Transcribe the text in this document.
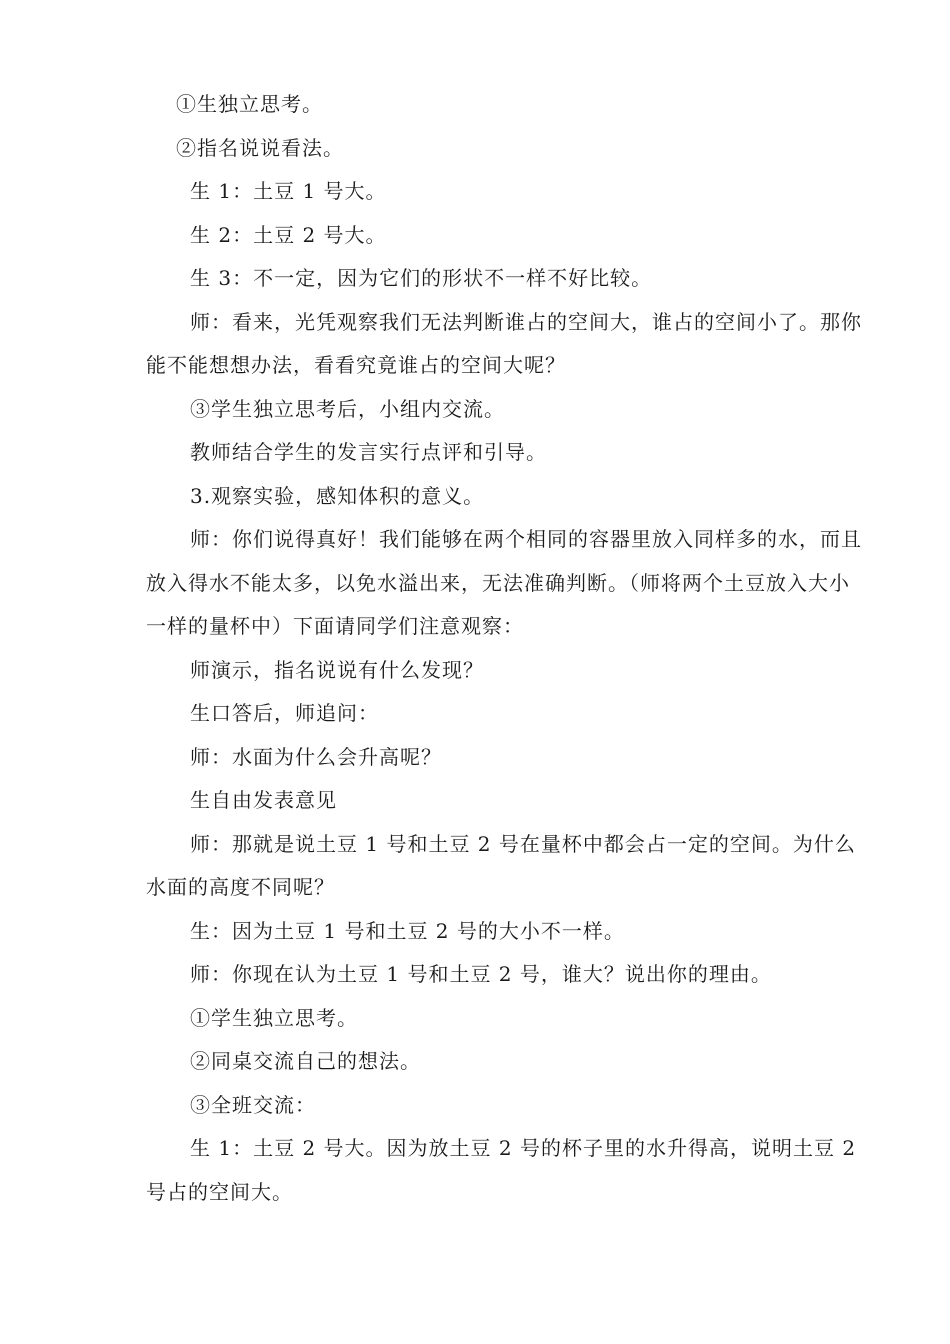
①生独立思考。

②指名说说看法。

生 1：土豆 1 号大。

生 2：土豆 2 号大。

生 3：不一定，因为它们的形状不一样不好比较。

师：看来，光凭观察我们无法判断谁占的空间大，谁占的空间小了。那你能不能想想办法，看看究竟谁占的空间大呢？

③学生独立思考后，小组内交流。

教师结合学生的发言实行点评和引导。

3.观察实验，感知体积的意义。

师：你们说得真好！我们能够在两个相同的容器里放入同样多的水，而且放入得水不能太多，以免水溢出来，无法准确判断。（师将两个土豆放入大小一样的量杯中）下面请同学们注意观察：

师演示，指名说说有什么发现？

生口答后，师追问：

师：水面为什么会升高呢？

生自由发表意见

师：那就是说土豆 1 号和土豆 2 号在量杯中都会占一定的空间。为什么水面的高度不同呢？

生：因为土豆 1 号和土豆 2 号的大小不一样。

师：你现在认为土豆 1 号和土豆 2 号，谁大？说出你的理由。

①学生独立思考。

②同桌交流自己的想法。

③全班交流：

生 1：土豆 2 号大。因为放土豆 2 号的杯子里的水升得高，说明土豆 2 号占的空间大。
